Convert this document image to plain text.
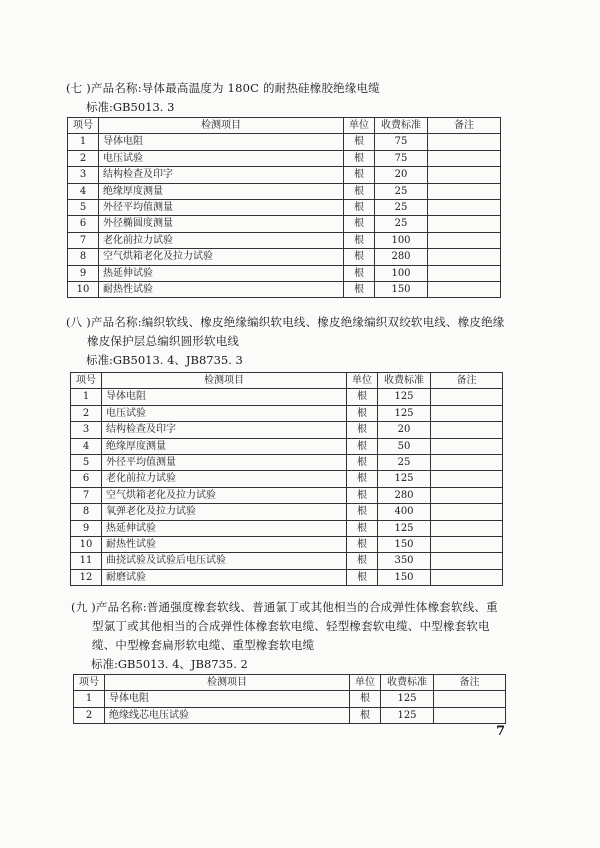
(七 )产品名称:导体最高温度为 180C 的耐热硅橡胶绝缘电缆
标准:GB5013. 3
项号	检测项目	单位	收费标准	备注
1	导体电阻	根	75	
2	电压试验	根	75	
3	结构检查及印字	根	20	
4	绝缘厚度测量	根	25	
5	外径平均值测量	根	25	
6	外径椭圆度测量	根	25	
7	老化前拉力试验	根	100	
8	空气烘箱老化及拉力试验	根	280	
9	热延伸试验	根	100	
10	耐热性试验	根	150	
(八 )产品名称:编织软线、橡皮绝缘编织软电线、橡皮绝缘编织双绞软电线、橡皮绝缘
橡皮保护层总编织圆形软电线
标准:GB5013. 4、JB8735. 3
项号	检测项目	单位	收费标准	备注
1	导体电阻	根	125	
2	电压试验	根	125	
3	结构检查及印字	根	20	
4	绝缘厚度测量	根	50	
5	外径平均值测量	根	25	
6	老化前拉力试验	根	125	
7	空气烘箱老化及拉力试验	根	280	
8	氧弹老化及拉力试验	根	400	
9	热延伸试验	根	125	
10	耐热性试验	根	150	
11	曲挠试验及试验后电压试验	根	350	
12	耐磨试验	根	150	
(九 )产品名称:普通强度橡套软线、普通氯丁或其他相当的合成弹性体橡套软线、重
型氯丁或其他相当的合成弹性体橡套软电缆、轻型橡套软电缆、中型橡套软电
缆、中型橡套扁形软电缆、重型橡套软电缆
标准:GB5013. 4、JB8735. 2
项号	检测项目	单位	收费标准	备注
1	导体电阻	根	125	
2	绝缘线芯电压试验	根	125	
7
